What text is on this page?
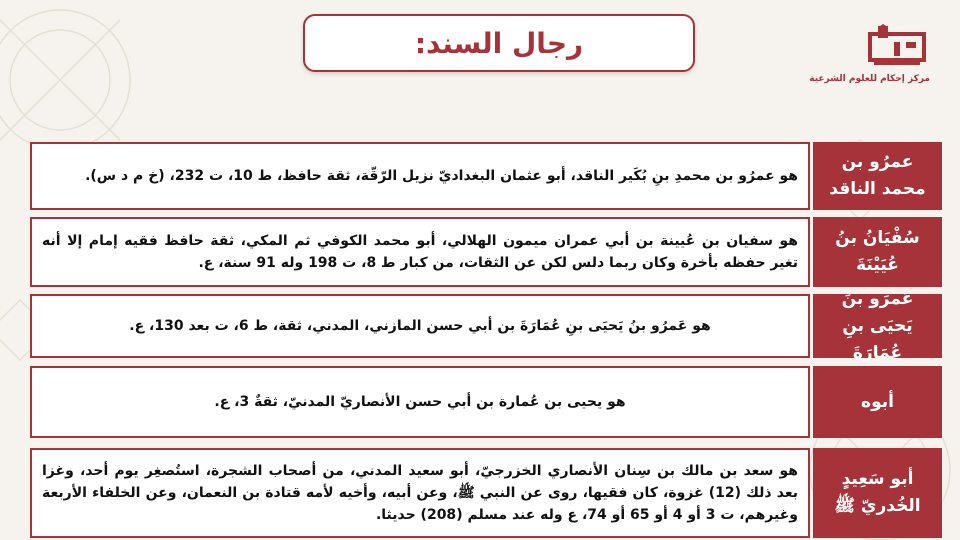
رجال السند:
مركز إحكام للعلوم الشرعية
هو عمرُو بن محمدِ بنِ بُكَير الناقد، أبو عثمان البغداديّ نزيل الرّقّة، ثقة حافظ، ط 10، ت 232، (خ م د س).
عمرُو بن محمد الناقد
هو سفيان بن عُيينة بن أبي عمران ميمون الهلالي، أبو محمد الكوفي ثم المكي، ثقة حافظ فقيه إمام إلا أنه تغير حفظه بأخرة وكان ربما دلس لكن عن الثقات، من كبار ط 8، ت 198 وله 91 سنة، ع.
سُفْيَانُ بنُ عُيَيْنَةَ
هو عَمرُو بنُ يَحيَى بنِ عُمَارَةَ بن أبي حسن المازني، المدني، ثقة، ط 6، ت بعد 130، ع.
عَمرَو بنَ يَحيَى بنِ عُمَارَةَ
هو يحيى بن عُمارة بن أبي حسن الأنصاريّ المدنيّ، ثقةٌ 3، ع.	أبوه
هو سعد بن مالك بن سِنان الأنصاري الخزرجيّ، أبو سعيد المدني، من أصحاب الشجرة، استُصغِر يوم أحد، وغزا بعد ذلك (12) غزوة، كان فقيها، روى عن النبي ﷺ، وعن أبيه، وأخيه لأمه قتادة بن النعمان، وعن الخلفاء الأربعة وغيرهم، ت 3 أو 4 أو 65 أو 74، ع وله عند مسلم (208) حديثا.
أبو سَعِيدٍ الخُدريّ ﷺ
